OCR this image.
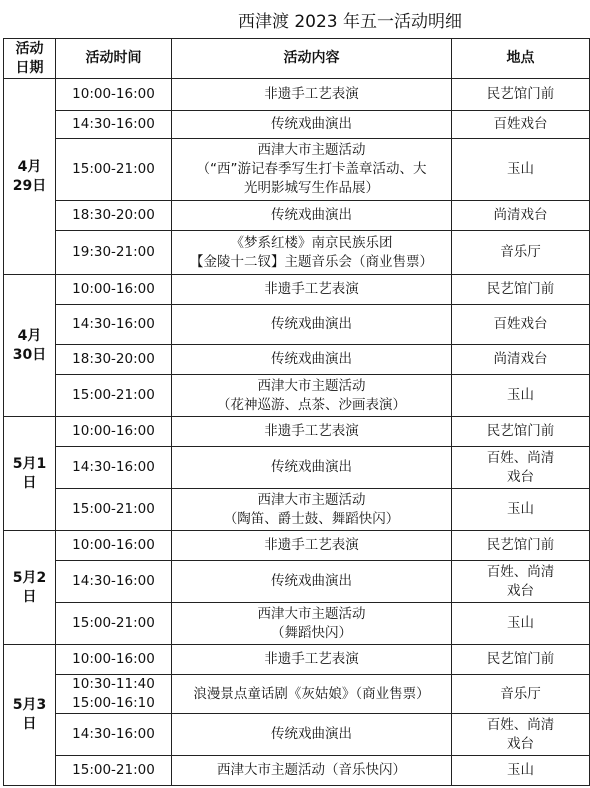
西津渡 2023 年五一活动明细
活动
日期	活动时间	活动内容	地点
4月
29日	10:00-16:00	非遗手工艺表演	民艺馆门前
	14:30-16:00	传统戏曲演出	百姓戏台
	15:00-21:00	西津大市主题活动
（“西”游记春季写生打卡盖章活动、大
光明影城写生作品展）	玉山
	18:30-20:00	传统戏曲演出	尚清戏台
	19:30-21:00	《梦系红楼》南京民族乐团
【金陵十二钗】主题音乐会（商业售票）	音乐厅
4月
30日	10:00-16:00	非遗手工艺表演	民艺馆门前
	14:30-16:00	传统戏曲演出	百姓戏台
	18:30-20:00	传统戏曲演出	尚清戏台
	15:00-21:00	西津大市主题活动
（花神巡游、点茶、沙画表演）	玉山
5月1
日	10:00-16:00	非遗手工艺表演	民艺馆门前
	14:30-16:00	传统戏曲演出	百姓、尚清
戏台
	15:00-21:00	西津大市主题活动
（陶笛、爵士鼓、舞蹈快闪）	玉山
5月2
日	10:00-16:00	非遗手工艺表演	民艺馆门前
	14:30-16:00	传统戏曲演出	百姓、尚清
戏台
	15:00-21:00	西津大市主题活动
（舞蹈快闪）	玉山
5月3
日	10:00-16:00	非遗手工艺表演	民艺馆门前
	10:30-11:40
15:00-16:10	浪漫景点童话剧《灰姑娘》（商业售票）	音乐厅
	14:30-16:00	传统戏曲演出	百姓、尚清
戏台
	15:00-21:00	西津大市主题活动（音乐快闪）	玉山
